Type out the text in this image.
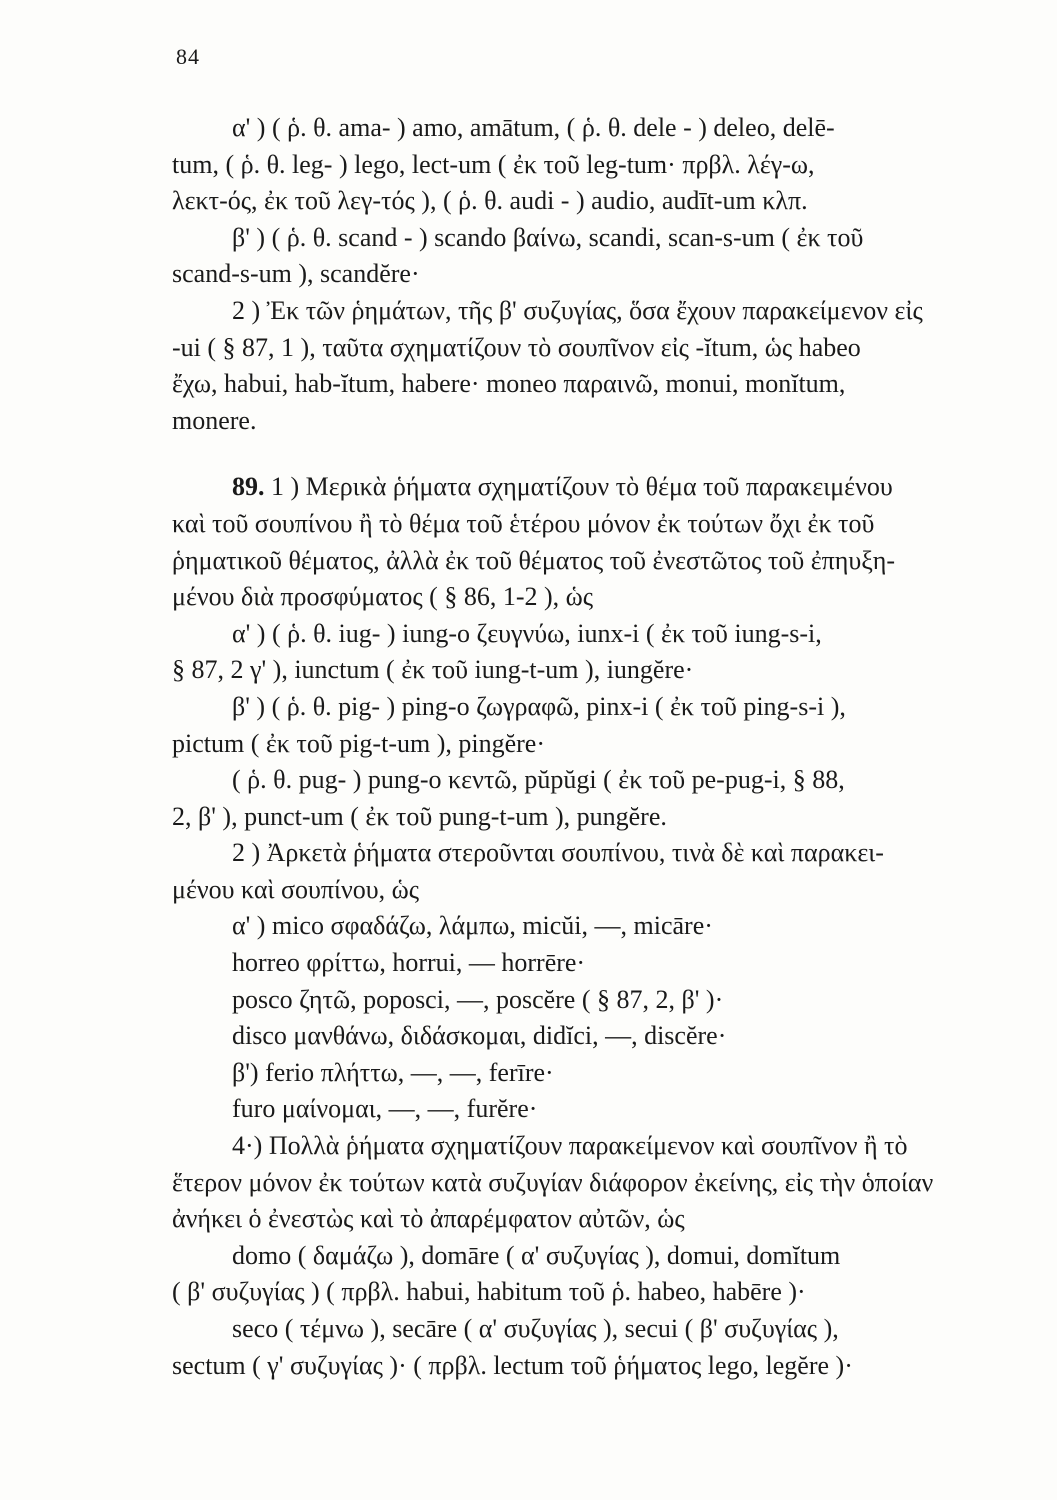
84
α' ) ( ῥ. θ. ama- ) amo, amātum, ( ῥ. θ. dele - ) deleo, delē-
tum, ( ῥ. θ. leg- ) lego, lect-um ( ἐκ τοῦ leg-tum· πρβλ. λέγ-ω,
λεκτ-ός, ἐκ τοῦ λεγ-τός ), ( ῥ. θ. audi - ) audio, audīt-um κλπ.
β' ) ( ῥ. θ. scand - ) scando βαίνω, scandi, scan-s-um ( ἐκ τοῦ
scand-s-um ), scandĕre·
2 ) Ἐκ τῶν ῥημάτων, τῆς β' συζυγίας, ὅσα ἔχουν παρακείμενον εἰς
-ui ( § 87, 1 ), ταῦτα σχηματίζουν τὸ σουπῖνον εἰς -ĭtum, ὡς habeo
ἔχω, habui, hab-ĭtum, habere· moneo παραινῶ, monui, monĭtum,
monere.
89. 1 ) Μερικὰ ῥήματα σχηματίζουν τὸ θέμα τοῦ παρακειμένου
καὶ τοῦ σουπίνου ἢ τὸ θέμα τοῦ ἑτέρου μόνον ἐκ τούτων ὄχι ἐκ τοῦ
ῥηματικοῦ θέματος, ἀλλὰ ἐκ τοῦ θέματος τοῦ ἐνεστῶτος τοῦ ἐπηυξη-
μένου διὰ προσφύματος ( § 86, 1-2 ), ὡς
α' ) ( ῥ. θ. iug- ) iung-o ζευγνύω, iunx-i ( ἐκ τοῦ iung-s-i,
§ 87, 2 γ' ), iunctum ( ἐκ τοῦ iung-t-um ), iungĕre·
β' ) ( ῥ. θ. pig- ) ping-o ζωγραφῶ, pinx-i ( ἐκ τοῦ ping-s-i ),
pictum ( ἐκ τοῦ pig-t-um ), pingĕre·
( ῥ. θ. pug- ) pung-o κεντῶ, pŭpŭgi ( ἐκ τοῦ pe-pug-i, § 88,
2, β' ), punct-um ( ἐκ τοῦ pung-t-um ), pungĕre.
2 ) Ἀρκετὰ ῥήματα στεροῦνται σουπίνου, τινὰ δὲ καὶ παρακει-
μένου καὶ σουπίνου, ὡς
α' ) mico σφαδάζω, λάμπω, micŭi, —, micāre·
horreo φρίττω, horrui, — horrēre·
posco ζητῶ, poposci, —, poscĕre ( § 87, 2, β' )·
disco μανθάνω, διδάσκομαι, didĭci, —, discĕre·
β') ferio πλήττω, —, —, ferīre·
furo μαίνομαι, —, —, furĕre·
4·) Πολλὰ ῥήματα σχηματίζουν παρακείμενον καὶ σουπῖνον ἢ τὸ
ἕτερον μόνον ἐκ τούτων κατὰ συζυγίαν διάφορον ἐκείνης, εἰς τὴν ὁποίαν
ἀνήκει ὁ ἐνεστὼς καὶ τὸ ἀπαρέμφατον αὐτῶν, ὡς
domo ( δαμάζω ), domāre ( α' συζυγίας ), domui, domĭtum
( β' συζυγίας ) ( πρβλ. habui, habitum τοῦ ῥ. habeo, habēre )·
seco ( τέμνω ), secāre ( α' συζυγίας ), secui ( β' συζυγίας ),
sectum ( γ' συζυγίας )· ( πρβλ. lectum τοῦ ῥήματος lego, legĕre )·
